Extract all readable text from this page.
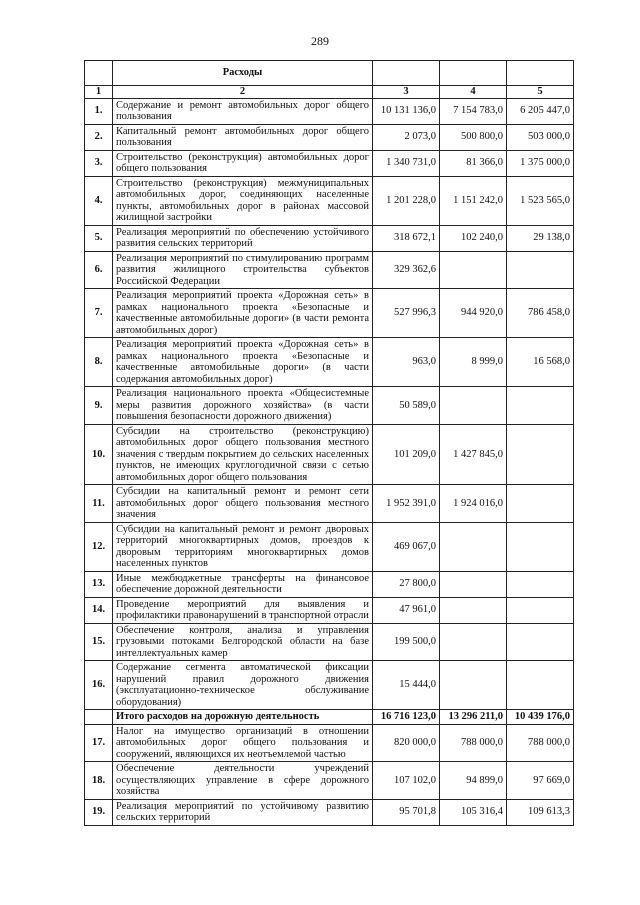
289
	Расходы			
1	2	3	4	5
1.	Содержание и ремонт автомобильных дорог общего пользования	10 131 136,0	7 154 783,0	6 205 447,0
2.	Капитальный ремонт автомобильных дорог общего пользования	2 073,0	500 800,0	503 000,0
3.	Строительство (реконструкция) автомобильных дорог общего пользования	1 340 731,0	81 366,0	1 375 000,0
4.	Строительство (реконструкция) межмуниципальных автомобильных дорог, соединяющих населенные пункты, автомобильных дорог в районах массовой жилищной застройки	1 201 228,0	1 151 242,0	1 523 565,0
5.	Реализация мероприятий по обеспечению устойчивого развития сельских территорий	318 672,1	102 240,0	29 138,0
6.	Реализация мероприятий по стимулированию программ развития жилищного строительства субъектов Российской Федерации	329 362,6		
7.	Реализация мероприятий проекта «Дорожная сеть» в рамках национального проекта «Безопасные и качественные автомобильные дороги» (в части ремонта автомобильных дорог)	527 996,3	944 920,0	786 458,0
8.	Реализация мероприятий проекта «Дорожная сеть» в рамках национального проекта «Безопасные и качественные автомобильные дороги» (в части содержания автомобильных дорог)	963,0	8 999,0	16 568,0
9.	Реализация национального проекта «Общесистемные меры развития дорожного хозяйства» (в части повышения безопасности дорожного движения)	50 589,0		
10.	Субсидии на строительство (реконструкцию) автомобильных дорог общего пользования местного значения с твердым покрытием до сельских населенных пунктов, не имеющих круглогодичной связи с сетью автомобильных дорог общего пользования	101 209,0	1 427 845,0	
11.	Субсидии на капитальный ремонт и ремонт сети автомобильных дорог общего пользования местного значения	1 952 391,0	1 924 016,0	
12.	Субсидии на капитальный ремонт и ремонт дворовых территорий многоквартирных домов, проездов к дворовым территориям многоквартирных домов населенных пунктов	469 067,0		
13.	Иные межбюджетные трансферты на финансовое обеспечение дорожной деятельности	27 800,0		
14.	Проведение мероприятий для выявления и профилактики правонарушений в транспортной отрасли	47 961,0		
15.	Обеспечение контроля, анализа и управления грузовыми потоками Белгородской области на базе интеллектуальных камер	199 500,0		
16.	Содержание сегмента автоматической фиксации нарушений правил дорожного движения (эксплуатационно-техническое обслуживание оборудования)	15 444,0		
	Итого расходов на дорожную деятельность	16 716 123,0	13 296 211,0	10 439 176,0
17.	Налог на имущество организаций в отношении автомобильных дорог общего пользования и сооружений, являющихся их неотъемлемой частью	820 000,0	788 000,0	788 000,0
18.	Обеспечение деятельности учреждений осуществляющих управление в сфере дорожного хозяйства	107 102,0	94 899,0	97 669,0
19.	Реализация мероприятий по устойчивому развитию сельских территорий	95 701,8	105 316,4	109 613,3
